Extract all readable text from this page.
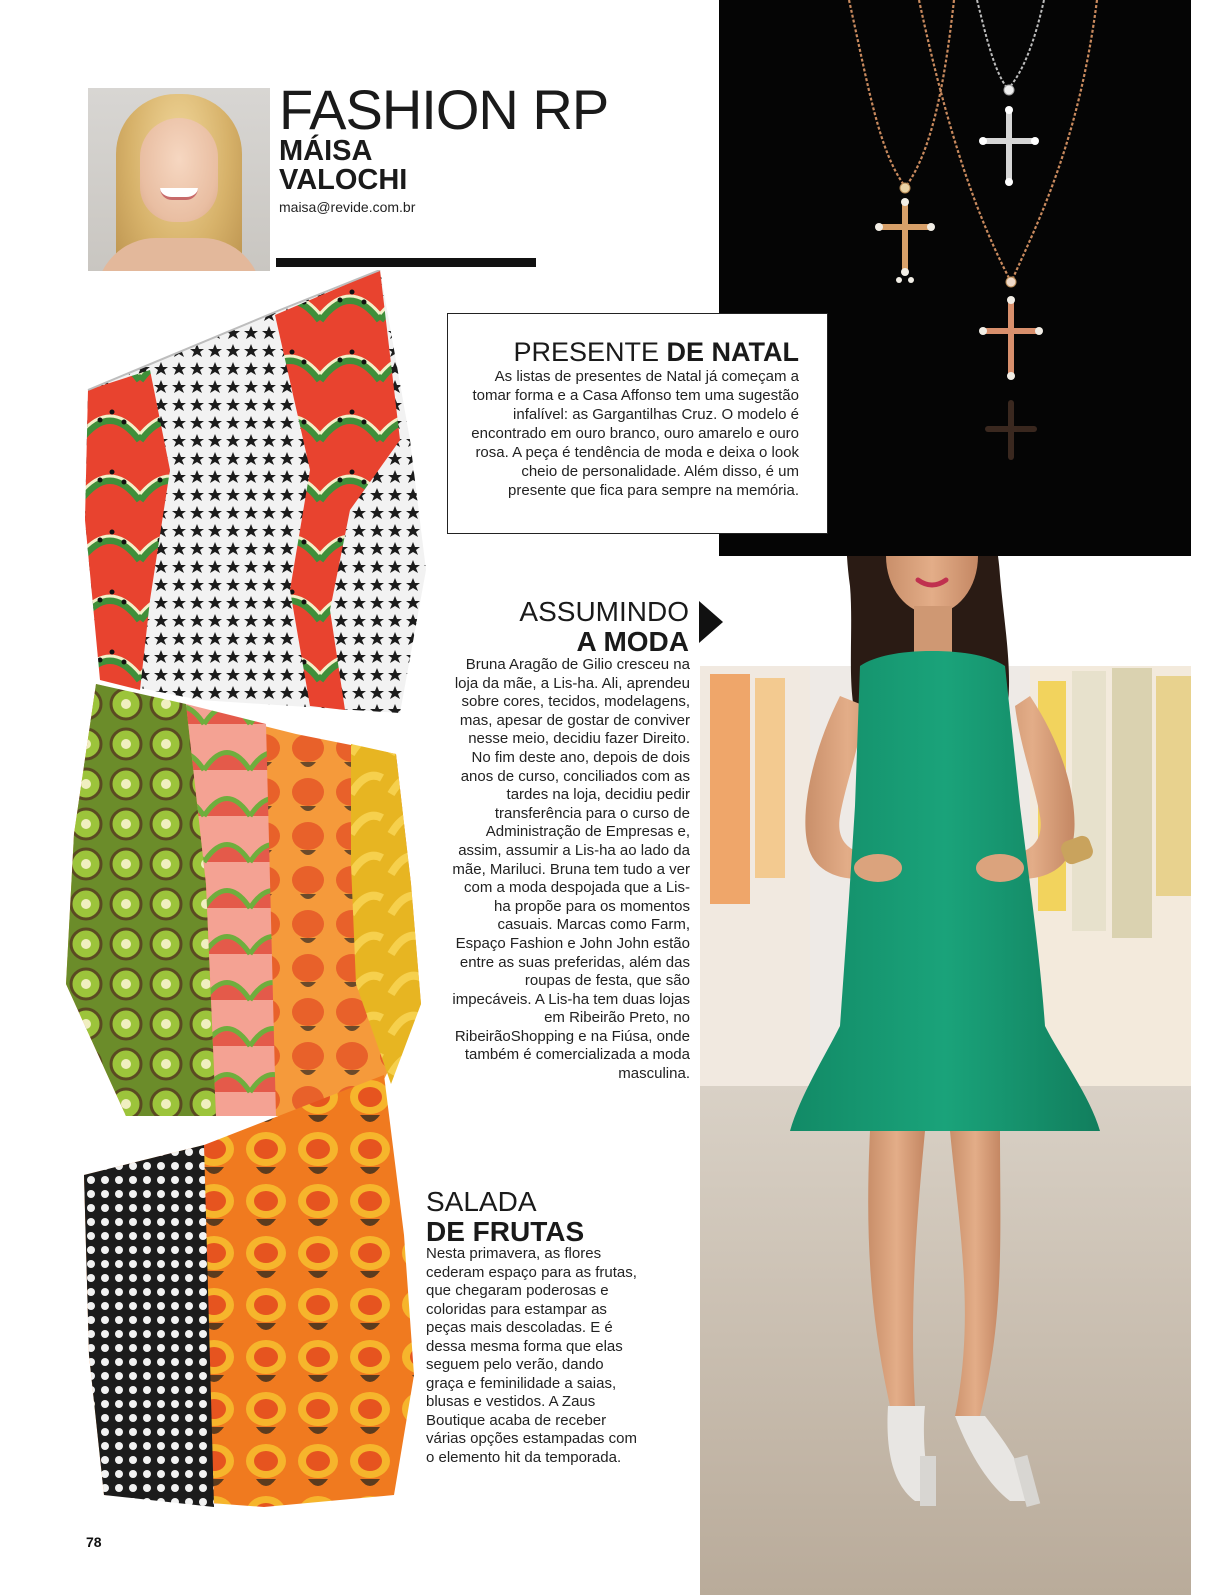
FASHION RP
MÁISA VALOCHI
maisa@revide.com.br
PRESENTE DE NATAL

As listas de presentes de Natal já começam a tomar forma e a Casa Affonso tem uma sugestão infalível: as Gargantilhas Cruz. O modelo é encontrado em ouro branco, ouro amarelo e ouro rosa. A peça é tendência de moda e deixa o look cheio de personalidade. Além disso, é um presente que fica para sempre na memória.

ASSUMINDO
A MODA

Bruna Aragão de Gilio cresceu na loja da mãe, a Lis-ha. Ali, aprendeu sobre cores, tecidos, modelagens, mas, apesar de gostar de conviver nesse meio, decidiu fazer Direito. No fim deste ano, depois de dois anos de curso, conciliados com as tardes na loja, decidiu pedir transferência para o curso de Administração de Empresas e, assim, assumir a Lis-ha ao lado da mãe, Mariluci. Bruna tem tudo a ver com a moda despojada que a Lis-ha propõe para os momentos casuais. Marcas como Farm, Espaço Fashion e John John estão entre as suas preferidas, além das roupas de festa, que são impecáveis. A Lis-ha tem duas lojas em Ribeirão Preto, no RibeirãoShopping e na Fiúsa, onde também é comercializada a moda masculina.

SALADA
DE FRUTAS

Nesta primavera, as flores cederam espaço para as frutas, que chegaram poderosas e coloridas para estampar as peças mais descoladas. E é dessa mesma forma que elas seguem pelo verão, dando graça e feminilidade a saias, blusas e vestidos. A Zaus Boutique acaba de receber várias opções estampadas com o elemento hit da temporada.

78
